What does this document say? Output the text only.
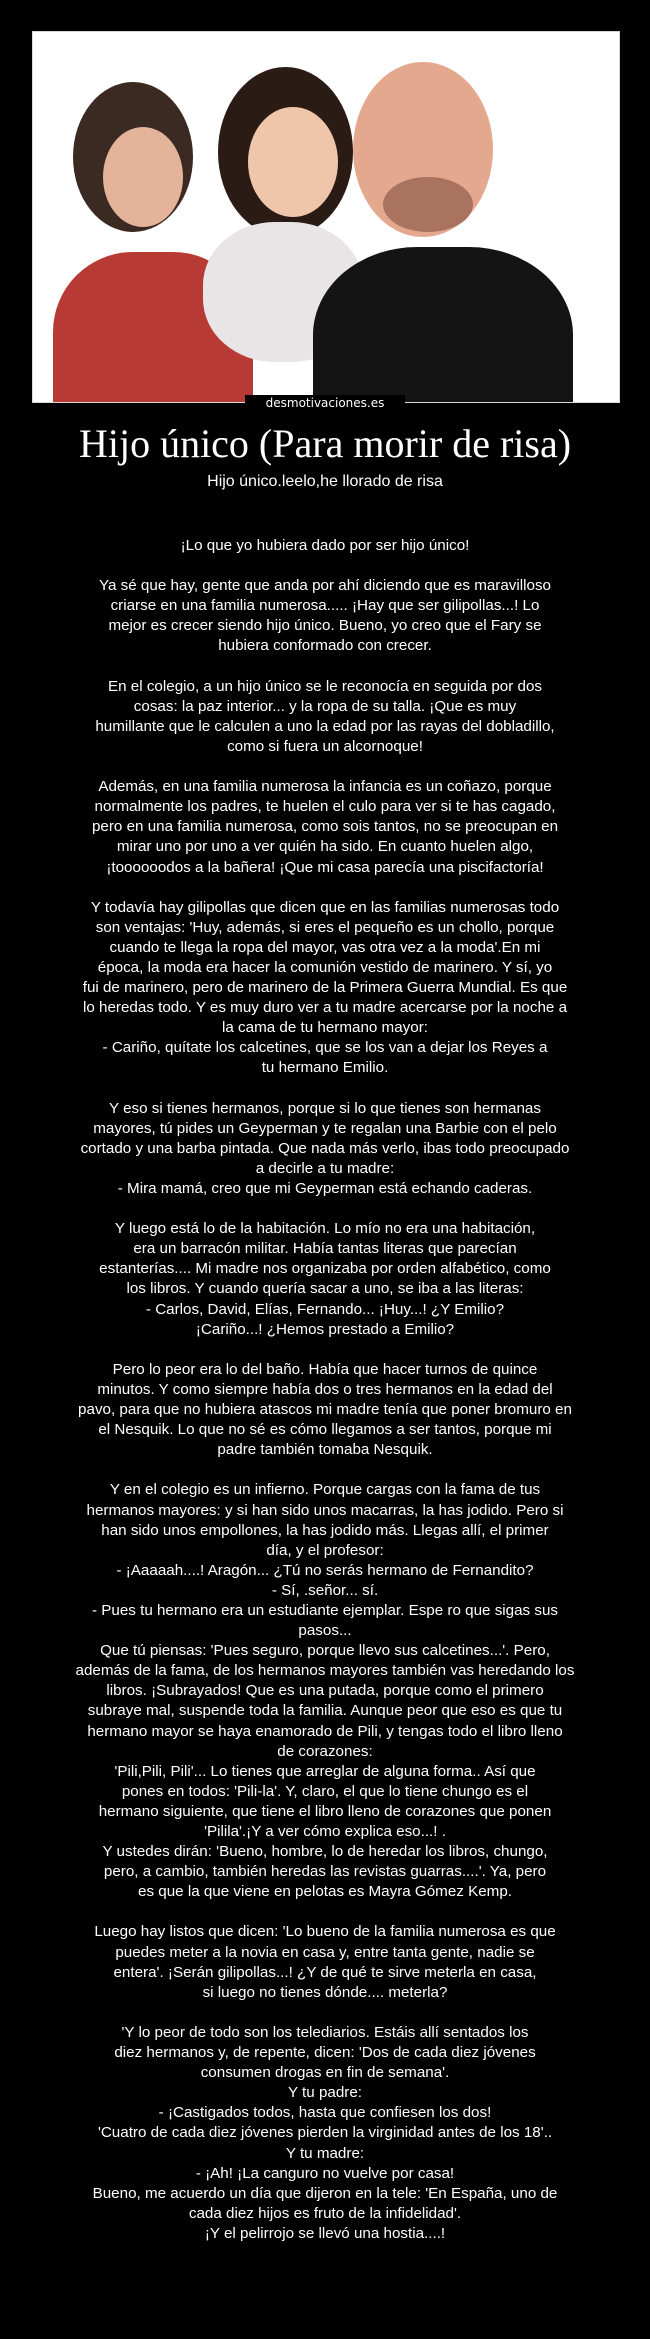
desmotivaciones.es
Hijo único (Para morir de risa)

Hijo único.leelo,he llorado de risa

¡Lo que yo hubiera dado por ser hijo único!
Ya sé que hay, gente que anda por ahí diciendo que es maravilloso
criarse en una familia numerosa..... ¡Hay que ser gilipollas...! Lo
mejor es crecer siendo hijo único. Bueno, yo creo que el Fary se
hubiera conformado con crecer.
En el colegio, a un hijo único se le reconocía en seguida por dos
cosas: la paz interior... y la ropa de su talla. ¡Que es muy
humillante que le calculen a uno la edad por las rayas del dobladillo,
como si fuera un alcornoque!
Además, en una familia numerosa la infancia es un coñazo, porque
normalmente los padres, te huelen el culo para ver si te has cagado,
pero en una familia numerosa, como sois tantos, no se preocupan en
mirar uno por uno a ver quién ha sido. En cuanto huelen algo,
¡toooooodos a la bañera! ¡Que mi casa parecía una piscifactoría!
Y todavía hay gilipollas que dicen que en las familias numerosas todo
son ventajas: 'Huy, además, si eres el pequeño es un chollo, porque
cuando te llega la ropa del mayor, vas otra vez a la moda'.En mi
época, la moda era hacer la comunión vestido de marinero. Y sí, yo
fui de marinero, pero de marinero de la Primera Guerra Mundial. Es que
lo heredas todo. Y es muy duro ver a tu madre acercarse por la noche a
la cama de tu hermano mayor:
- Cariño, quítate los calcetines, que se los van a dejar los Reyes a
tu hermano Emilio.
Y eso si tienes hermanos, porque si lo que tienes son hermanas
mayores, tú pides un Geyperman y te regalan una Barbie con el pelo
cortado y una barba pintada. Que nada más verlo, ibas todo preocupado
a decirle a tu madre:
- Mira mamá, creo que mi Geyperman está echando caderas.
Y luego está lo de la habitación. Lo mío no era una habitación,
era un barracón militar. Había tantas literas que parecían
estanterías.... Mi madre nos organizaba por orden alfabético, como
los libros. Y cuando quería sacar a uno, se iba a las literas:
- Carlos, David, Elías, Fernando... ¡Huy...! ¿Y Emilio?
¡Cariño...! ¿Hemos prestado a Emilio?
Pero lo peor era lo del baño. Había que hacer turnos de quince
minutos. Y como siempre había dos o tres hermanos en la edad del
pavo, para que no hubiera atascos mi madre tenía que poner bromuro en
el Nesquik. Lo que no sé es cómo llegamos a ser tantos, porque mi
padre también tomaba Nesquik.
Y en el colegio es un infierno. Porque cargas con la fama de tus
hermanos mayores: y si han sido unos macarras, la has jodido. Pero si
han sido unos empollones, la has jodido más. Llegas allí, el primer
día, y el profesor:
- ¡Aaaaah....! Aragón... ¿Tú no serás hermano de Fernandito?
- Sí, .señor... sí.
- Pues tu hermano era un estudiante ejemplar. Espe ro que sigas sus
pasos...
Que tú piensas: 'Pues seguro, porque llevo sus calcetines...'. Pero,
además de la fama, de los hermanos mayores también vas heredando los
libros. ¡Subrayados! Que es una putada, porque como el primero
subraye mal, suspende toda la familia. Aunque peor que eso es que tu
hermano mayor se haya enamorado de Pili, y tengas todo el libro lleno
de corazones:
'Pili,Pili, Pili'... Lo tienes que arreglar de alguna forma.. Así que
pones en todos: 'Pili-la'. Y, claro, el que lo tiene chungo es el
hermano siguiente, que tiene el libro lleno de corazones que ponen
'Pilila'.¡Y a ver cómo explica eso...! .
Y ustedes dirán: 'Bueno, hombre, lo de heredar los libros, chungo,
pero, a cambio, también heredas las revistas guarras....'. Ya, pero
es que la que viene en pelotas es Mayra Gómez Kemp.
Luego hay listos que dicen: 'Lo bueno de la familia numerosa es que
puedes meter a la novia en casa y, entre tanta gente, nadie se
entera'. ¡Serán gilipollas...! ¿Y de qué te sirve meterla en casa,
si luego no tienes dónde.... meterla?
'Y lo peor de todo son los telediarios. Estáis allí sentados los
diez hermanos y, de repente, dicen: 'Dos de cada diez jóvenes
consumen drogas en fin de semana'.
Y tu padre:
- ¡Castigados todos, hasta que confiesen los dos!
'Cuatro de cada diez jóvenes pierden la virginidad antes de los 18'..
Y tu madre:
- ¡Ah! ¡La canguro no vuelve por casa!
Bueno, me acuerdo un día que dijeron en la tele: 'En España, uno de
cada diez hijos es fruto de la infidelidad'.
¡Y el pelirrojo se llevó una hostia....!
